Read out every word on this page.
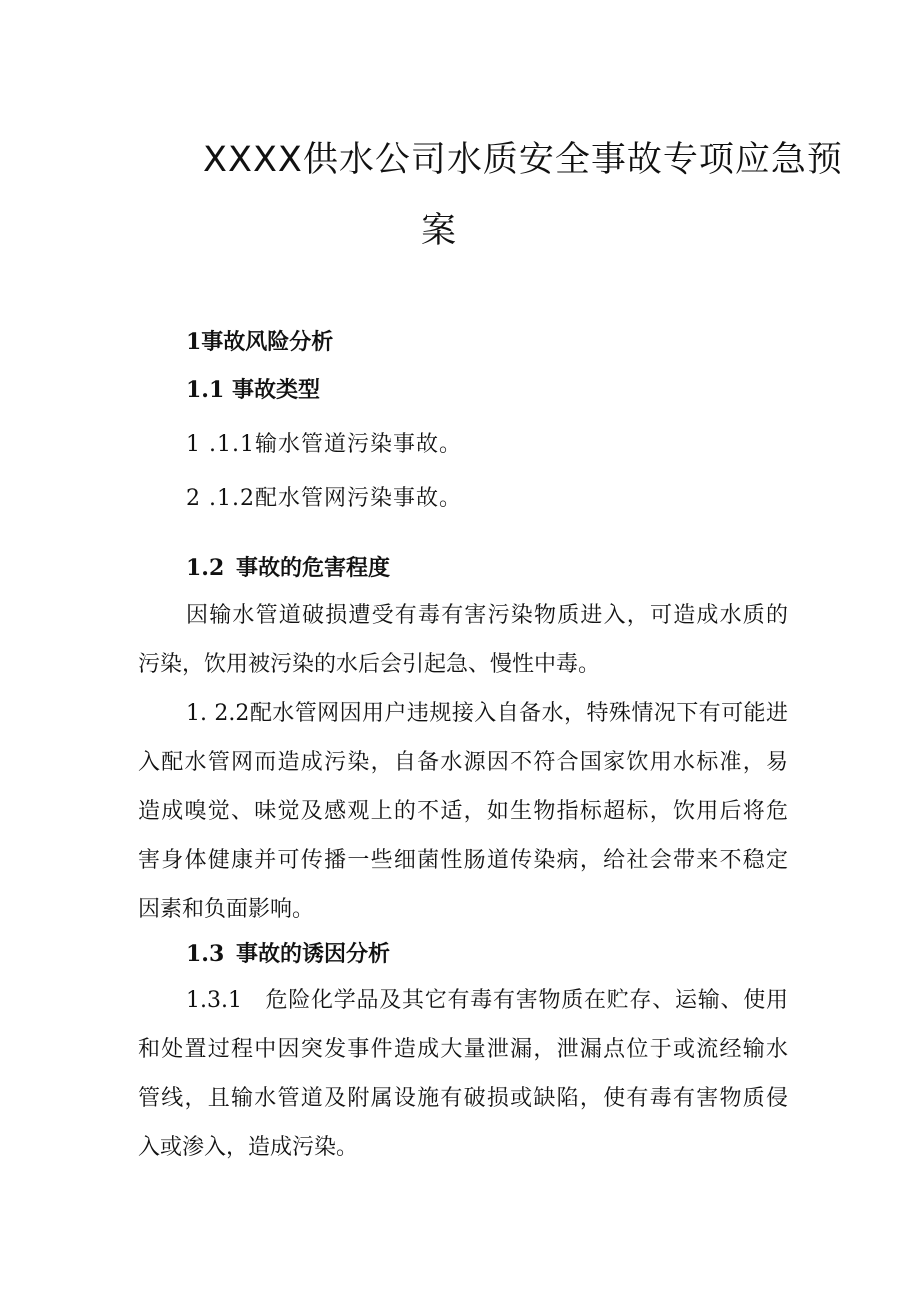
XXXX供水公司水质安全事故专项应急预
案
1事故风险分析
1.1 事故类型
1 .1.1输水管道污染事故。
2 .1.2配水管网污染事故。
1.2 事故的危害程度
因输水管道破损遭受有毒有害污染物质进入，可造成水质的
污染，饮用被污染的水后会引起急、慢性中毒。
1. 2.2配水管网因用户违规接入自备水，特殊情况下有可能进
入配水管网而造成污染，自备水源因不符合国家饮用水标准，易
造成嗅觉、味觉及感观上的不适，如生物指标超标，饮用后将危
害身体健康并可传播一些细菌性肠道传染病，给社会带来不稳定
因素和负面影响。
1.3 事故的诱因分析
1.3.1　危险化学品及其它有毒有害物质在贮存、运输、使用
和处置过程中因突发事件造成大量泄漏，泄漏点位于或流经输水
管线，且输水管道及附属设施有破损或缺陷，使有毒有害物质侵
入或渗入，造成污染。
